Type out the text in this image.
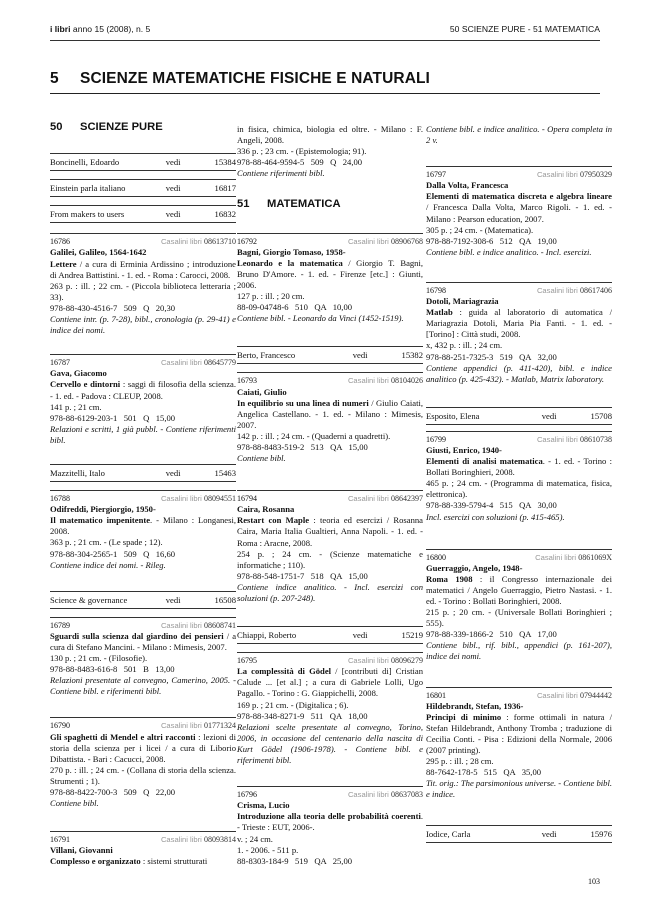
i libri anno 15 (2008), n. 5	50 SCIENZE PURE - 51 MATEMATICA
5 SCIENZE MATEMATICHE FISICHE E NATURALI
50	SCIENZE PURE
Boncinelli, Edoardo	vedi	15384
Einstein parla italiano	vedi	16817
From makers to users	vedi	16832
16786	Casalini libri 08613710
Galilei, Galileo, 1564-1642

Lettere / a cura di Erminia Ardissino ; introduzione di Andrea Battistini. - 1. ed. - Roma : Carocci, 2008.

263 p. : ill. ; 22 cm. - (Piccola biblioteca letteraria ; 33).

978-88-430-4516-7   509   Q   20,30

Contiene intr. (p. 7-28), bibl., cronologia (p. 29-41) e indice dei nomi.

16787	Casalini libri 08645779
Gava, Giacomo

Cervello e dintorni : saggi di filosofia della scienza. - 1. ed. - Padova : CLEUP, 2008.

141 p. ; 21 cm.

978-88-6129-203-1   501   Q   15,00

Relazioni e scritti, 1 già pubbl. - Contiene riferimenti bibl.

Mazzitelli, Italo	vedi	15463
16788	Casalini libri 08094551
Odifreddi, Piergiorgio, 1950-

Il matematico impenitente. - Milano : Longanesi, 2008.

363 p. ; 21 cm. - (Le spade ; 12).

978-88-304-2565-1   509   Q   16,60

Contiene indice dei nomi. - Rileg.

Science & governance	vedi	16508
16789	Casalini libri 08608741

Sguardi sulla scienza dal giardino dei pensieri / a cura di Stefano Mancini. - Milano : Mimesis, 2007.

130 p. ; 21 cm. - (Filosofie).

978-88-8483-616-8   501   B   13,00

Relazioni presentate al convegno, Camerino, 2005. - Contiene bibl. e riferimenti bibl.

16790	Casalini libri 01771324

Gli spaghetti di Mendel e altri racconti : lezioni di storia della scienza per i licei / a cura di Liborio Dibattista. - Bari : Cacucci, 2008.

270 p. : ill. ; 24 cm. - (Collana di storia della scienza. Strumenti ; 1).

978-88-8422-700-3   509   Q   22,00

Contiene bibl.

16791	Casalini libri 08093814
Villani, Giovanni

Complesso e organizzato : sistemi strutturati

in fisica, chimica, biologia ed oltre. - Milano : F. Angeli, 2008.

336 p. ; 23 cm. - (Epistemologia; 91).

978-88-464-9594-5   509   Q   24,00

Contiene riferimenti bibl.

51	MATEMATICA
16792	Casalini libri 08906768
Bagni, Giorgio Tomaso, 1958-

Leonardo e la matematica / Giorgio T. Bagni, Bruno D'Amore. - 1. ed. - Firenze [etc.] : Giunti, 2006.

127 p. : ill. ; 20 cm.

88-09-04748-6   510   QA   10,00

Contiene bibl. - Leonardo da Vinci (1452-1519).

Berto, Francesco	vedi	15382
16793	Casalini libri 08104026
Caiati, Giulio

In equilibrio su una linea di numeri / Giulio Caiati, Angelica Castellano. - 1. ed. - Milano : Mimesis, 2007.

142 p. : ill. ; 24 cm. - (Quaderni a quadretti).

978-88-8483-519-2   513   QA   15,00

Contiene bibl.

16794	Casalini libri 08642397
Caira, Rosanna

Restart con Maple : teoria ed esercizi / Rosanna Caira, Maria Italia Gualtieri, Anna Napoli. - 1. ed. - Roma : Aracne, 2008.

254 p. ; 24 cm. - (Scienze matematiche e informatiche ; 110).

978-88-548-1751-7   518   QA   15,00

Contiene indice analitico. - Incl. esercizi con soluzioni (p. 207-248).

Chiappi, Roberto	vedi	15219
16795	Casalini libri 08096279

La complessità di Gödel / [contributi di] Cristian Calude ... [et al.] ; a cura di Gabriele Lolli, Ugo Pagallo. - Torino : G. Giappichelli, 2008.

169 p. ; 21 cm. - (Digitalica ; 6).

978-88-348-8271-9   511   QA   18,00

Relazioni scelte presentate al convegno, Torino, 2006, in occasione del centenario della nascita di Kurt Gödel (1906-1978). - Contiene bibl. e riferimenti bibl.

16796	Casalini libri 08637083
Crisma, Lucio

Introduzione alla teoria delle probabilità coerenti. - Trieste : EUT, 2006-.

v. ; 24 cm.

1. - 2006. - 511 p.

88-8303-184-9   519   QA   25,00

Contiene bibl. e indice analitico. - Opera completa in 2 v.

16797	Casalini libri 07950329
Dalla Volta, Francesca

Elementi di matematica discreta e algebra lineare / Francesca Dalla Volta, Marco Rigoli. - 1. ed. - Milano : Pearson education, 2007.

305 p. ; 24 cm. - (Matematica).

978-88-7192-308-6   512   QA   19,00

Contiene bibl. e indice analitico. - Incl. esercizi.

16798	Casalini libri 08617406
Dotoli, Mariagrazia

Matlab : guida al laboratorio di automatica / Mariagrazia Dotoli, Maria Pia Fanti. - 1. ed. - [Torino] : Città studi, 2008.

x, 432 p. : ill. ; 24 cm.

978-88-251-7325-3   519   QA   32,00

Contiene appendici (p. 411-420), bibl. e indice analitico (p. 425-432). - Matlab, Matrix laboratory.

Esposito, Elena	vedi	15708
16799	Casalini libri 08610738
Giusti, Enrico, 1940-

Elementi di analisi matematica. - 1. ed. - Torino : Bollati Boringhieri, 2008.

465 p. ; 24 cm. - (Programma di matematica, fisica, elettronica).

978-88-339-5794-4   515   QA   30,00

Incl. esercizi con soluzioni (p. 415-465).

16800	Casalini libri 0861069X
Guerraggio, Angelo, 1948-

Roma 1908 : il Congresso internazionale dei matematici / Angelo Guerraggio, Pietro Nastasi. - 1. ed. - Torino : Bollati Boringhieri, 2008.

215 p. ; 20 cm. - (Universale Bollati Boringhieri ; 555).

978-88-339-1866-2   510   QA   17,00

Contiene bibl., rif. bibl., appendici (p. 161-207), indice dei nomi.

16801	Casalini libri 07944442
Hildebrandt, Stefan, 1936-

Principi di minimo : forme ottimali in natura / Stefan Hildebrandt, Anthony Tromba ; traduzione di Cecilia Conti. - Pisa : Edizioni della Normale, 2006 (2007 printing).

295 p. : ill. ; 28 cm.

88-7642-178-5   515   QA   35,00

Tit. orig.: The parsimonious universe. - Contiene bibl. e indice.

Iodice, Carla	vedi	15976
103
